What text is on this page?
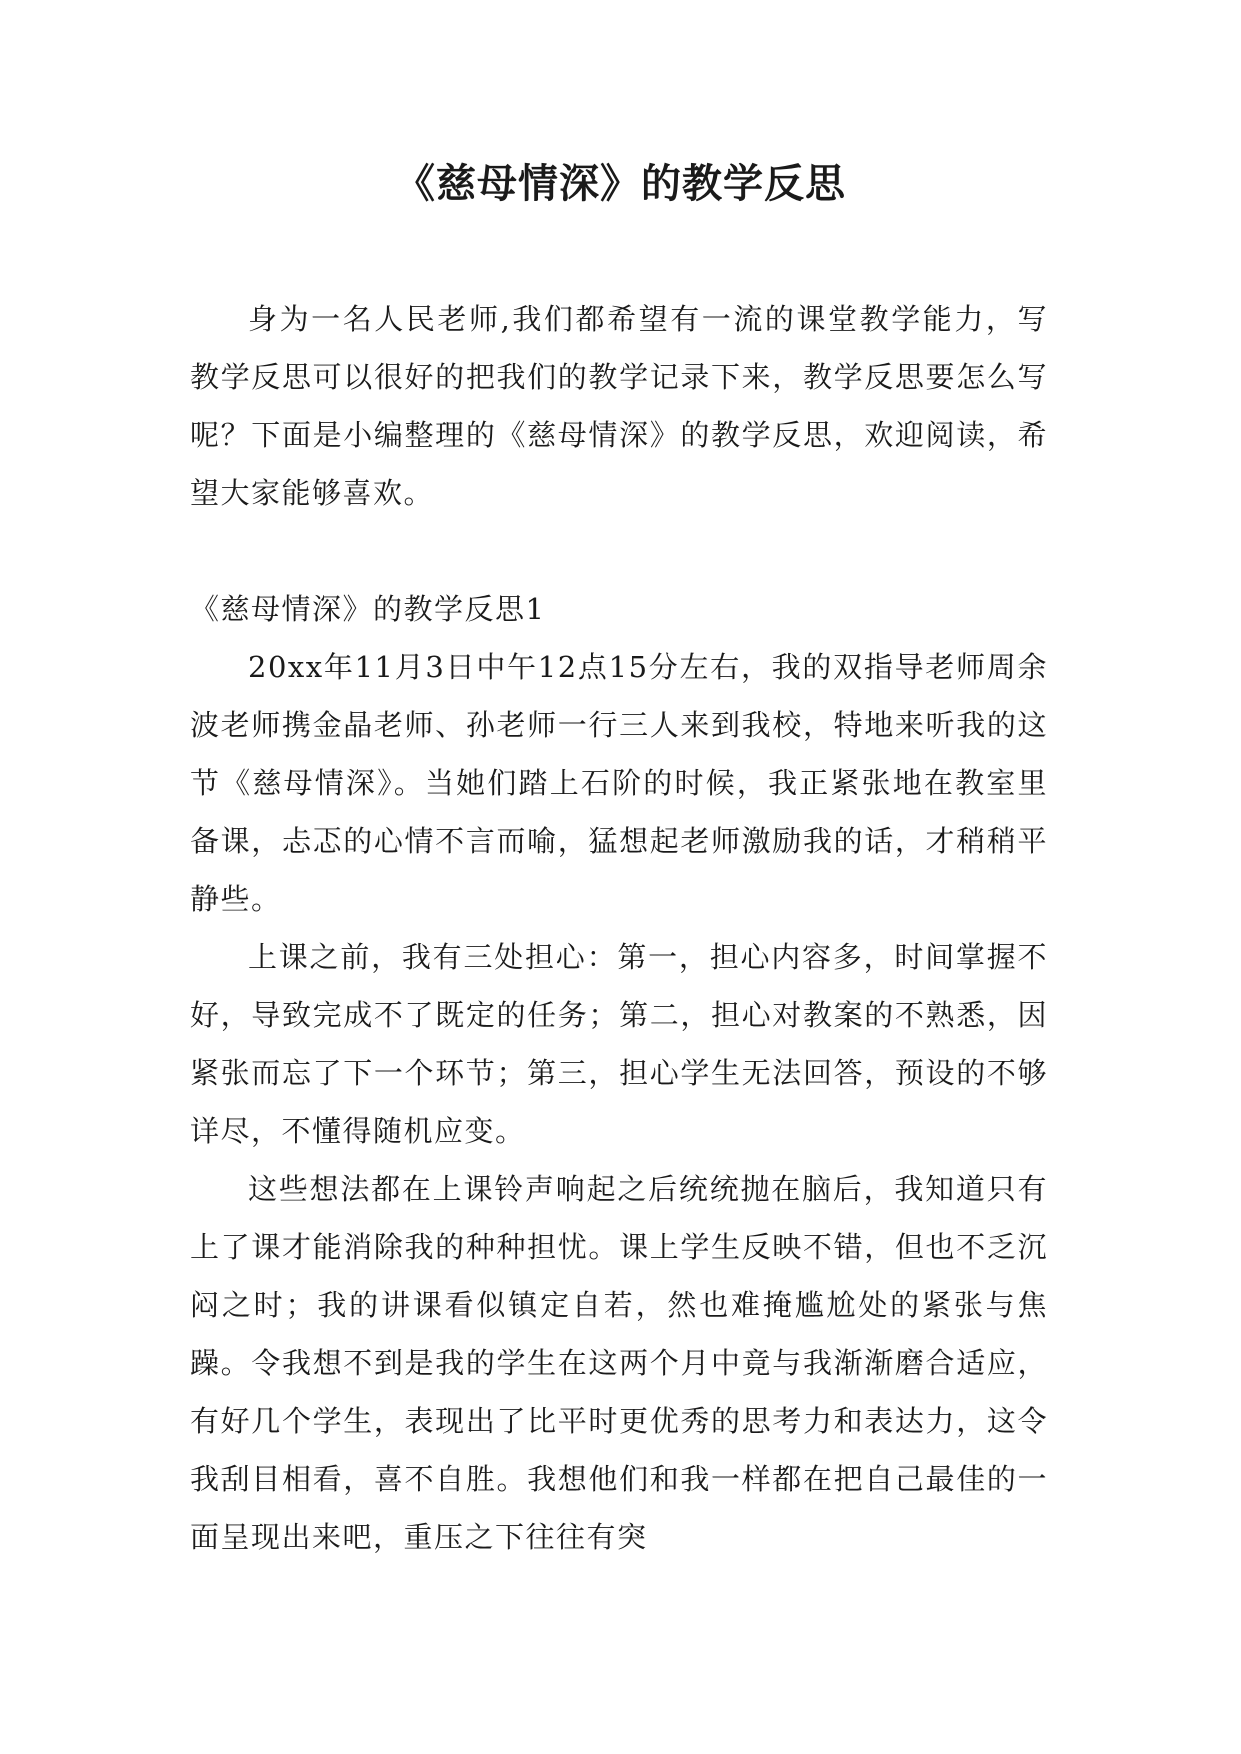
《慈母情深》的教学反思

身为一名人民老师,我们都希望有一流的课堂教学能力，写教学反思可以很好的把我们的教学记录下来，教学反思要怎么写呢？下面是小编整理的《慈母情深》的教学反思，欢迎阅读，希望大家能够喜欢。

《慈母情深》的教学反思1

20xx年11月3日中午12点15分左右，我的双指导老师周余波老师携金晶老师、孙老师一行三人来到我校，特地来听我的这节《慈母情深》。当她们踏上石阶的时候，我正紧张地在教室里备课，忐忑的心情不言而喻，猛想起老师激励我的话，才稍稍平静些。

上课之前，我有三处担心：第一，担心内容多，时间掌握不好，导致完成不了既定的任务；第二，担心对教案的不熟悉，因紧张而忘了下一个环节；第三，担心学生无法回答，预设的不够详尽，不懂得随机应变。

这些想法都在上课铃声响起之后统统抛在脑后，我知道只有上了课才能消除我的种种担忧。课上学生反映不错，但也不乏沉闷之时；我的讲课看似镇定自若，然也难掩尴尬处的紧张与焦躁。令我想不到是我的学生在这两个月中竟与我渐渐磨合适应，有好几个学生，表现出了比平时更优秀的思考力和表达力，这令我刮目相看，喜不自胜。我想他们和我一样都在把自己最佳的一面呈现出来吧，重压之下往往有突
